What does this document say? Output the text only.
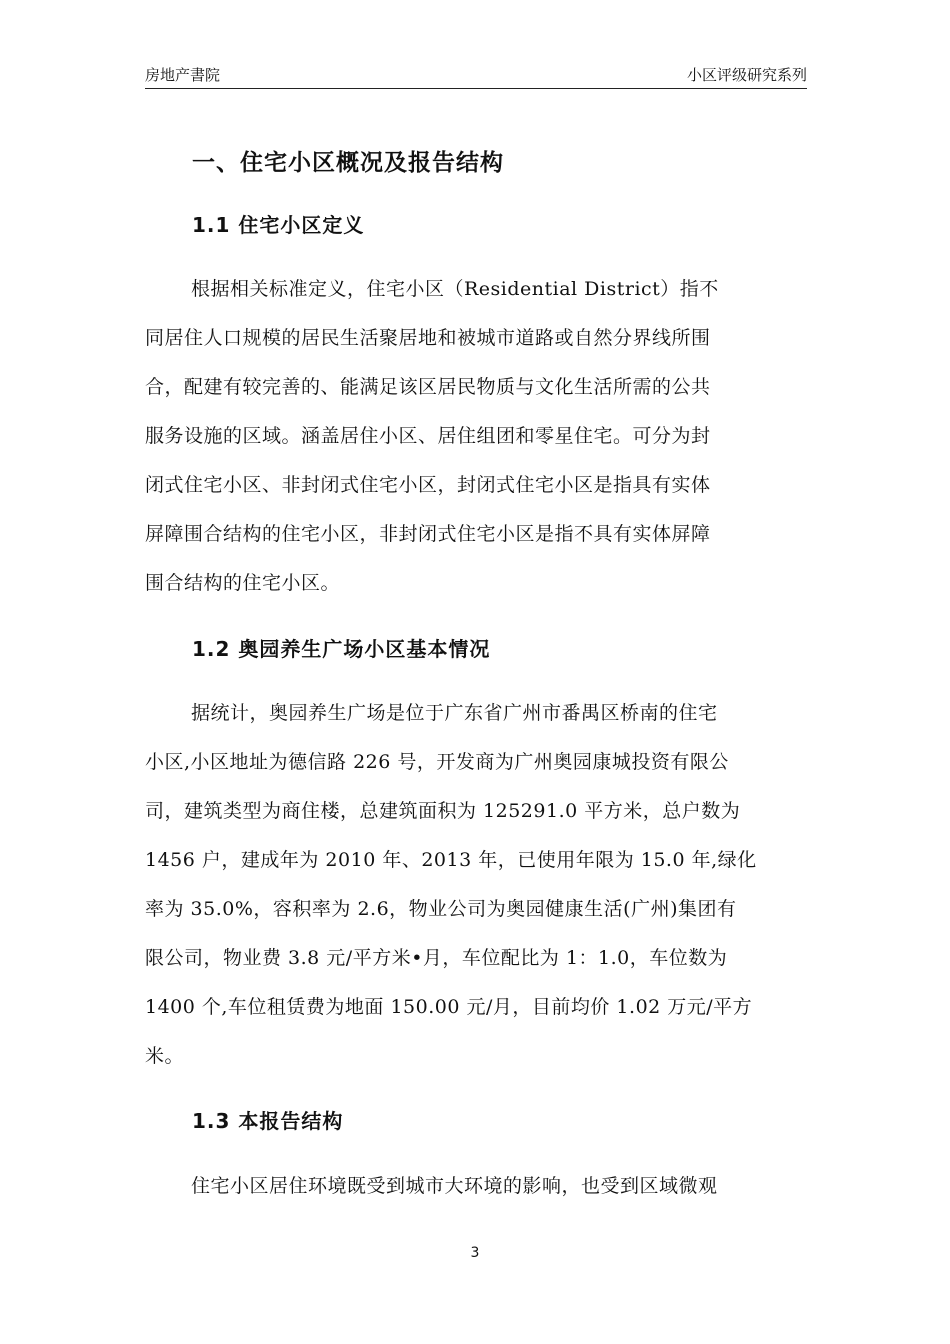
房地产書院	小区评级研究系列
一、住宅小区概况及报告结构
1.1 住宅小区定义
根据相关标准定义，住宅小区（Residential District）指不
同居住人口规模的居民生活聚居地和被城市道路或自然分界线所围
合，配建有较完善的、能满足该区居民物质与文化生活所需的公共
服务设施的区域。涵盖居住小区、居住组团和零星住宅。可分为封
闭式住宅小区、非封闭式住宅小区，封闭式住宅小区是指具有实体
屏障围合结构的住宅小区，非封闭式住宅小区是指不具有实体屏障
围合结构的住宅小区。
1.2 奥园养生广场小区基本情况
据统计，奥园养生广场是位于广东省广州市番禺区桥南的住宅
小区,小区地址为德信路 226 号，开发商为广州奥园康城投资有限公
司，建筑类型为商住楼，总建筑面积为 125291.0 平方米，总户数为
1456 户，建成年为 2010 年、2013 年，已使用年限为 15.0 年,绿化
率为 35.0%，容积率为 2.6，物业公司为奥园健康生活(广州)集团有
限公司，物业费 3.8 元/平方米•月，车位配比为 1：1.0，车位数为
1400 个,车位租赁费为地面 150.00 元/月，目前均价 1.02 万元/平方
米。
1.3 本报告结构
住宅小区居住环境既受到城市大环境的影响，也受到区域微观
3
